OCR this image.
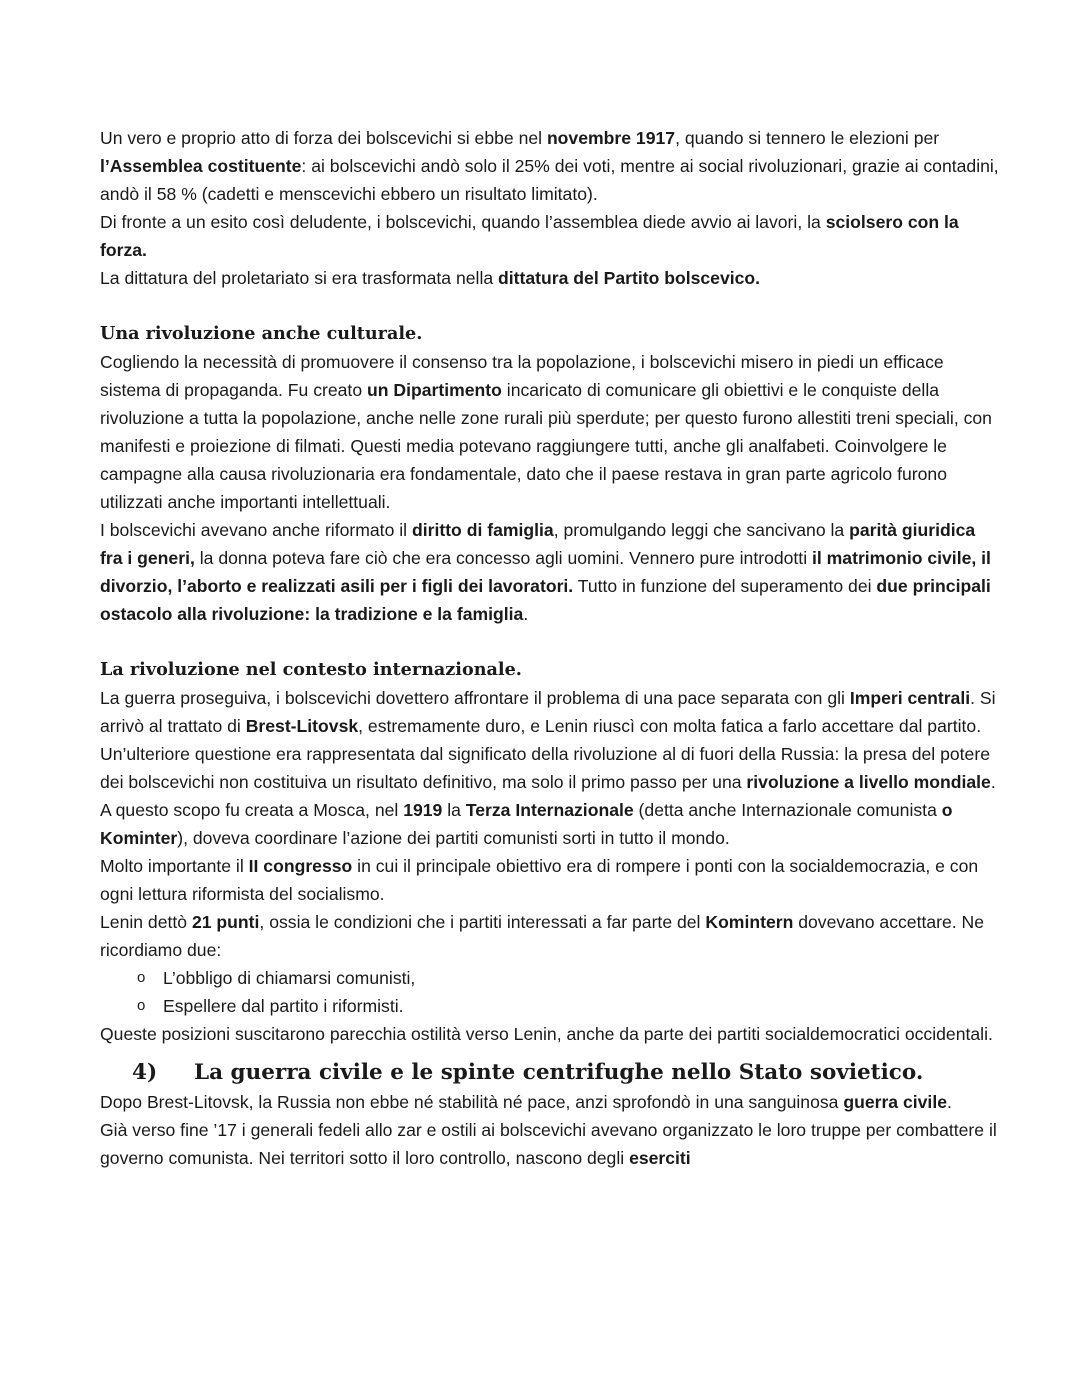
Un vero e proprio atto di forza dei bolscevichi si ebbe nel novembre 1917, quando si tennero le elezioni per l’Assemblea costituente: ai bolscevichi andò solo il 25% dei voti, mentre ai social rivoluzionari, grazie ai contadini, andò il 58 % (cadetti e menscevichi ebbero un risultato limitato).

Di fronte a un esito così deludente, i bolscevichi, quando l’assemblea diede avvio ai lavori, la sciolsero con la forza.

La dittatura del proletariato si era trasformata nella dittatura del Partito bolscevico.

Una rivoluzione anche culturale.

Cogliendo la necessità di promuovere il consenso tra la popolazione, i bolscevichi misero in piedi un efficace sistema di propaganda. Fu creato un Dipartimento incaricato di comunicare gli obiettivi e le conquiste della rivoluzione a tutta la popolazione, anche nelle zone rurali più sperdute; per questo furono allestiti treni speciali, con manifesti e proiezione di filmati. Questi media potevano raggiungere tutti, anche gli analfabeti. Coinvolgere le campagne alla causa rivoluzionaria era fondamentale, dato che il paese restava in gran parte agricolo furono utilizzati anche importanti intellettuali.

I bolscevichi avevano anche riformato il diritto di famiglia, promulgando leggi che sancivano la parità giuridica fra i generi, la donna poteva fare ciò che era concesso agli uomini. Vennero pure introdotti il matrimonio civile, il divorzio, l’aborto e realizzati asili per i figli dei lavoratori. Tutto in funzione del superamento dei due principali ostacolo alla rivoluzione: la tradizione e la famiglia.

La rivoluzione nel contesto internazionale.

La guerra proseguiva, i bolscevichi dovettero affrontare il problema di una pace separata con gli Imperi centrali. Si arrivò al trattato di Brest-Litovsk, estremamente duro, e Lenin riuscì con molta fatica a farlo accettare dal partito.

Un’ulteriore questione era rappresentata dal significato della rivoluzione al di fuori della Russia: la presa del potere dei bolscevichi non costituiva un risultato definitivo, ma solo il primo passo per una rivoluzione a livello mondiale.

A questo scopo fu creata a Mosca, nel 1919 la Terza Internazionale (detta anche Internazionale comunista o Kominter), doveva coordinare l’azione dei partiti comunisti sorti in tutto il mondo.

Molto importante il II congresso in cui il principale obiettivo era di rompere i ponti con la socialdemocrazia, e con ogni lettura riformista del socialismo.

Lenin dettò 21 punti, ossia le condizioni che i partiti interessati a far parte del Komintern dovevano accettare. Ne ricordiamo due:

o L’obbligo di chiamarsi comunisti,
o Espellere dal partito i riformisti.

Queste posizioni suscitarono parecchia ostilità verso Lenin, anche da parte dei partiti socialdemocratici occidentali.

4)	La guerra civile e le spinte centrifughe nello Stato sovietico.

Dopo Brest-Litovsk, la Russia non ebbe né stabilità né pace, anzi sprofondò in una sanguinosa guerra civile.

Già verso fine ’17 i generali fedeli allo zar e ostili ai bolscevichi avevano organizzato le loro truppe per combattere il governo comunista. Nei territori sotto il loro controllo, nascono degli eserciti
